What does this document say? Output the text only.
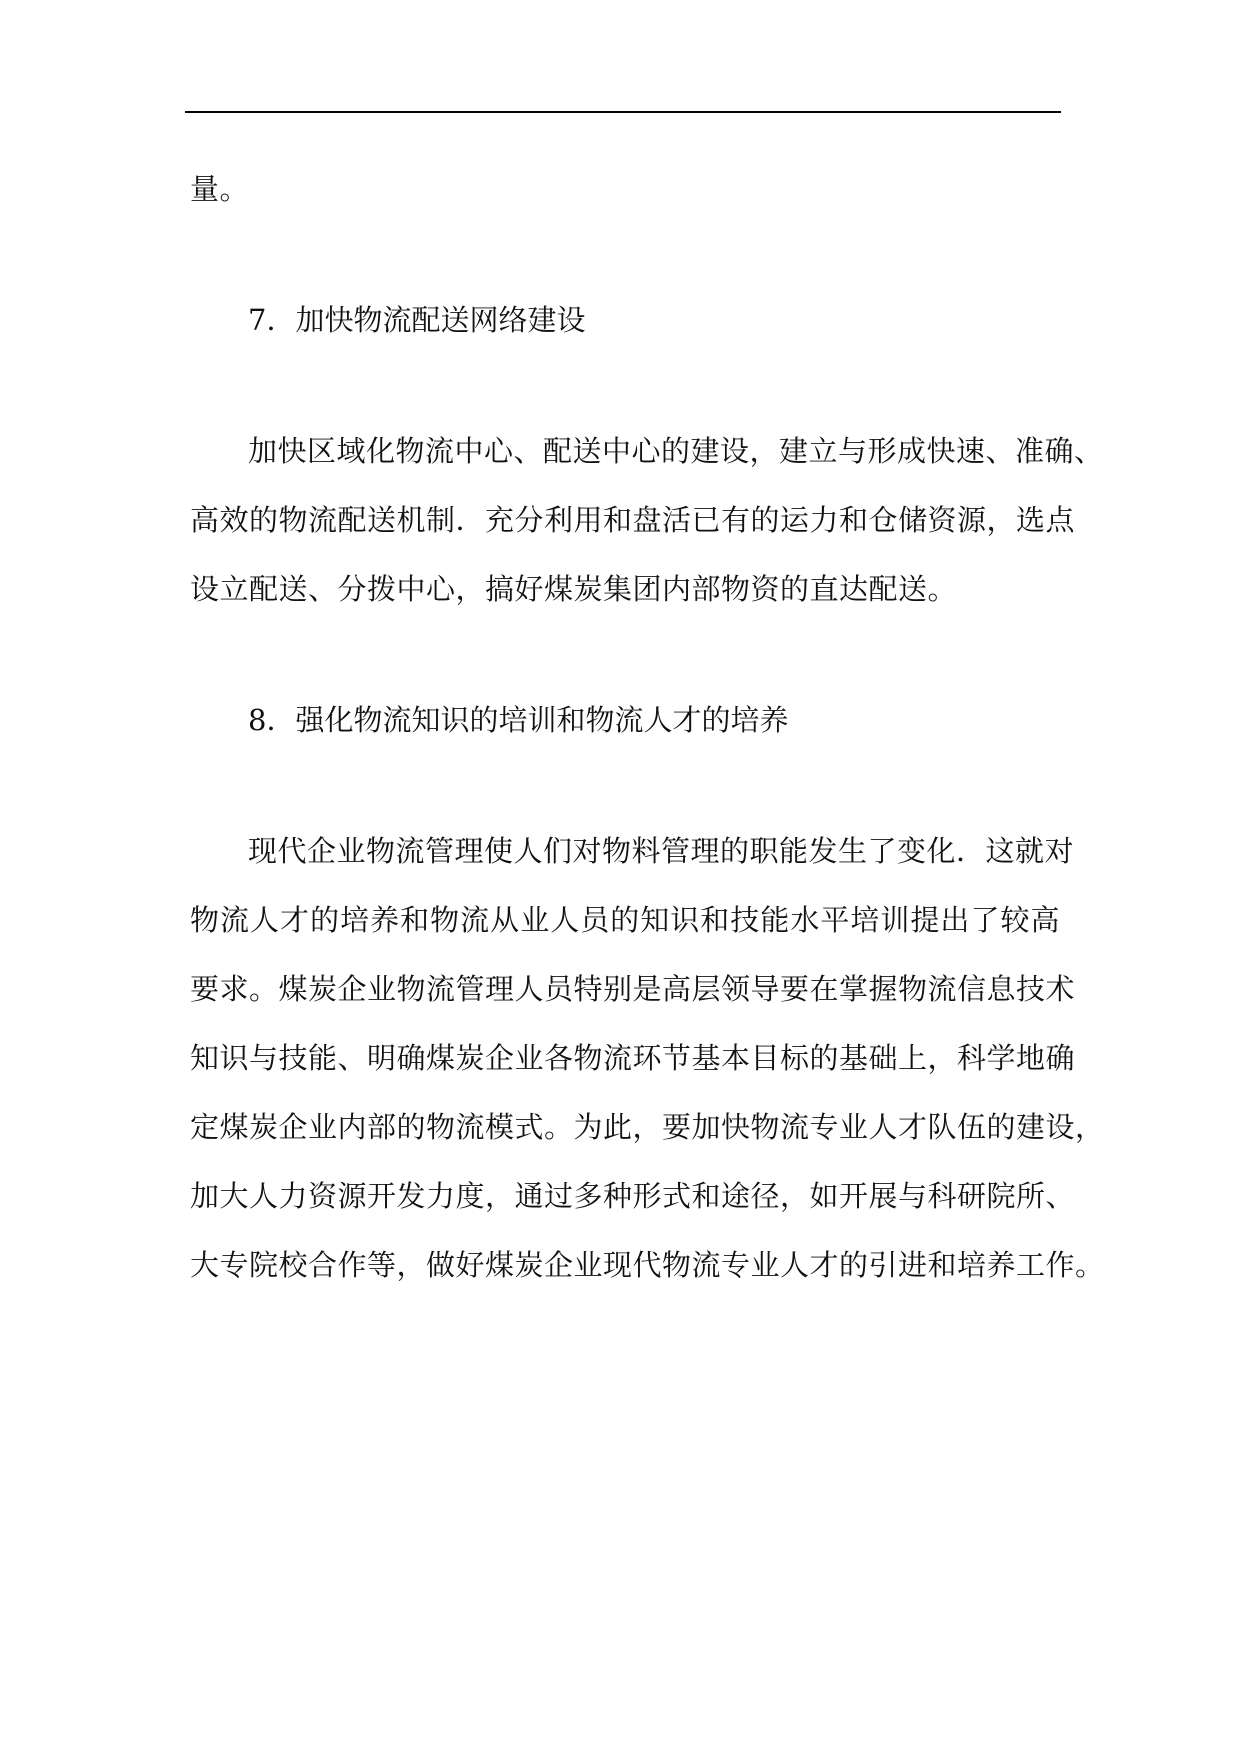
量。
7．加快物流配送网络建设
加快区域化物流中心、配送中心的建设，建立与形成快速、准确、
高效的物流配送机制．充分利用和盘活已有的运力和仓储资源，选点
设立配送、分拨中心，搞好煤炭集团内部物资的直达配送。
8．强化物流知识的培训和物流人才的培养
现代企业物流管理使人们对物料管理的职能发生了变化．这就对
物流人才的培养和物流从业人员的知识和技能水平培训提出了较高
要求。煤炭企业物流管理人员特别是高层领导要在掌握物流信息技术
知识与技能、明确煤炭企业各物流环节基本目标的基础上，科学地确
定煤炭企业内部的物流模式。为此，要加快物流专业人才队伍的建设，
加大人力资源开发力度，通过多种形式和途径，如开展与科研院所、
大专院校合作等，做好煤炭企业现代物流专业人才的引进和培养工作。
